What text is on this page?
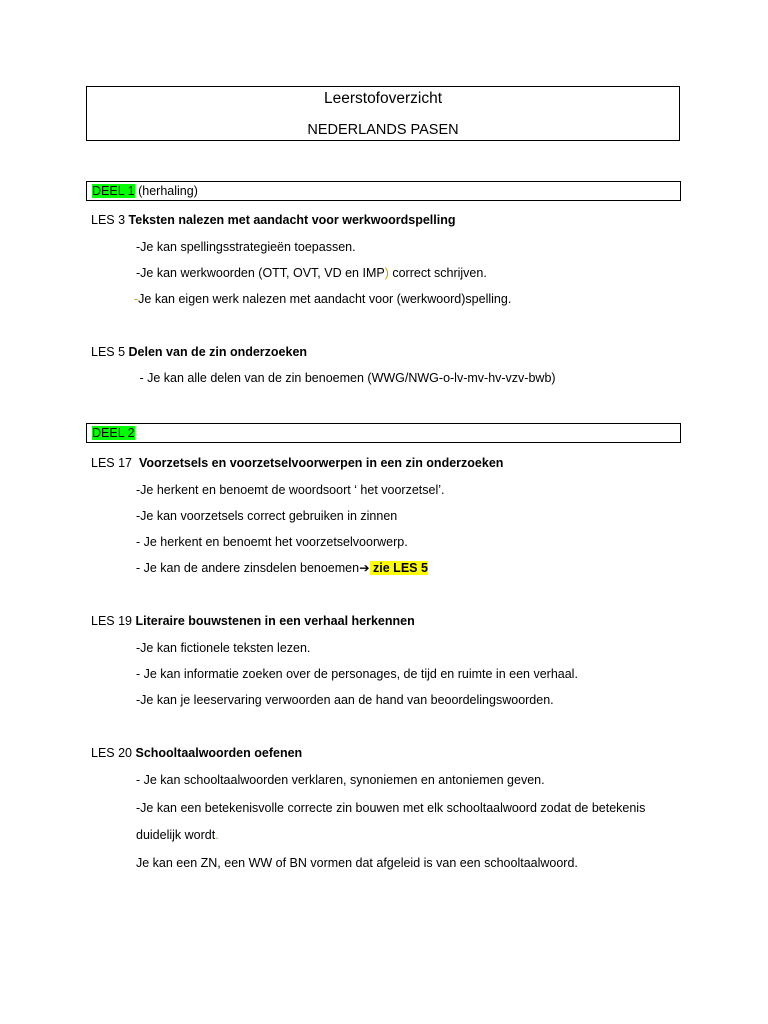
Leerstofoverzicht
NEDERLANDS PASEN
DEEL 1 (herhaling)
LES 3 Teksten nalezen met aandacht voor werkwoordspelling
-Je kan spellingsstrategieën toepassen.
-Je kan werkwoorden (OTT, OVT, VD en IMP) correct schrijven.
-Je kan eigen werk nalezen met aandacht voor (werkwoord)spelling.
LES 5 Delen van de zin onderzoeken
- Je kan alle delen van de zin benoemen (WWG/NWG-o-lv-mv-hv-vzv-bwb)
DEEL 2
LES 17  Voorzetsels en voorzetselvoorwerpen in een zin onderzoeken
-Je herkent en benoemt de woordsoort ‘ het voorzetsel’.
-Je kan voorzetsels correct gebruiken in zinnen
- Je herkent en benoemt het voorzetselvoorwerp.
- Je kan de andere zinsdelen benoemen➔ zie LES 5
LES 19 Literaire bouwstenen in een verhaal herkennen
-Je kan fictionele teksten lezen.
- Je kan informatie zoeken over de personages, de tijd en ruimte in een verhaal.
-Je kan je leeservaring verwoorden aan de hand van beoordelingswoorden.
LES 20 Schooltaalwoorden oefenen
- Je kan schooltaalwoorden verklaren, synoniemen en antoniemen geven.
-Je kan een betekenisvolle correcte zin bouwen met elk schooltaalwoord zodat de betekenis
duidelijk wordt.
Je kan een ZN, een WW of BN vormen dat afgeleid is van een schooltaalwoord.
